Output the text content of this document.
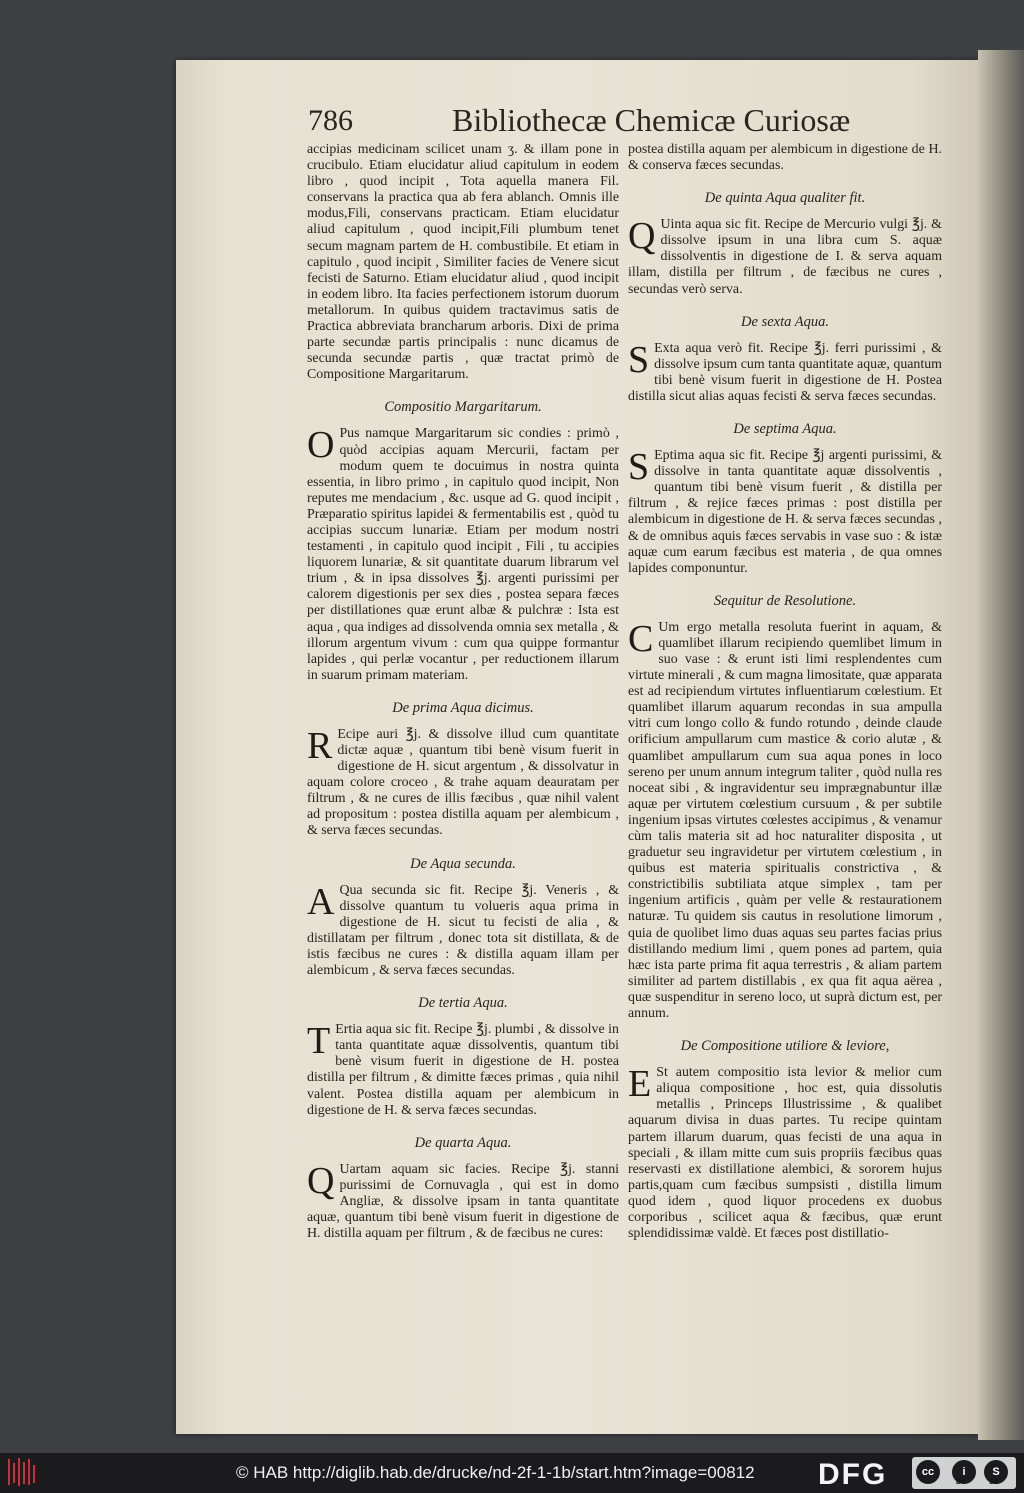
786	Bibliothecæ Chemicæ Curiosæ

accipias medicinam scilicet unam ʒ. & illam pone in crucibulo. Etiam elucidatur aliud capitulum in eodem libro , quod incipit , Tota aquella manera Fil. conservans la practica qua ab fera ablanch. Omnis ille modus,Fili, conservans practicam. Etiam elucidatur aliud capitulum , quod incipit,Fili plumbum tenet secum magnam partem de H. combustibile. Et etiam in capitulo , quod incipit , Similiter facies de Venere sicut fecisti de Saturno. Etiam elucidatur aliud , quod incipit in eodem libro. Ita facies perfectionem istorum duorum metallorum. In quibus quidem tractavimus satis de Practica abbreviata brancharum arboris. Dixi de prima parte secundæ partis principalis : nunc dicamus de secunda secundæ partis , quæ tractat primò de Compositione Margaritarum.

Compositio Margaritarum.

O Pus namque Margaritarum sic condies : primò , quòd accipias aquam Mercurii, factam per modum quem te docuimus in nostra quinta essentia, in libro primo , in capitulo quod incipit, Non reputes me mendacium , &c. usque ad G. quod incipit , Præparatio spiritus lapidei & fermentabilis est , quòd tu accipias succum lunariæ. Etiam per modum nostri testamenti , in capitulo quod incipit , Fili , tu accipies liquorem lunariæ, & sit quantitate duarum librarum vel trium , & in ipsa dissolves ℥j. argenti purissimi per calorem digestionis per sex dies , postea separa fæces per distillationes quæ erunt albæ & pulchræ : Ista est aqua , qua indiges ad dissolvenda omnia sex metalla , & illorum argentum vivum : cum qua quippe formantur lapides , qui perlæ vocantur , per reductionem illarum in suarum primam materiam.

De prima Aqua dicimus.

R Ecipe auri ℥j. & dissolve illud cum quantitate dictæ aquæ , quantum tibi benè visum fuerit in digestione de H. sicut argentum , & dissolvatur in aquam colore croceo , & trahe aquam deauratam per filtrum , & ne cures de illis fæcibus , quæ nihil valent ad propositum : postea distilla aquam per alembicum , & serva fæces secundas.

De Aqua secunda.

A Qua secunda sic fit. Recipe ℥j. Veneris , & dissolve quantum tu volueris aqua prima in digestione de H. sicut tu fecisti de alia , & distillatam per filtrum , donec tota sit distillata, & de istis fæcibus ne cures : & distilla aquam illam per alembicum , & serva fæces secundas.

De tertia Aqua.

T Ertia aqua sic fit. Recipe ℥j. plumbi , & dissolve in tanta quantitate aquæ dissolventis, quantum tibi benè visum fuerit in digestione de H. postea distilla per filtrum , & dimitte fæces primas , quia nihil valent. Postea distilla aquam per alembicum in digestione de H. & serva fæces secundas.

De quarta Aqua.

Q Uartam aquam sic facies. Recipe ℥j. stanni purissimi de Cornuvagla , qui est in domo Angliæ, & dissolve ipsam in tanta quantitate aquæ, quantum tibi benè visum fuerit in digestione de H. distilla aquam per filtrum , & de fæcibus ne cures:

postea distilla aquam per alembicum in digestione de H. & conserva fæces secundas.

De quinta Aqua qualiter fit.

Q Uinta aqua sic fit. Recipe de Mercurio vulgi ℥j. & dissolve ipsum in una libra cum S. aquæ dissolventis in digestione de I. & serva aquam illam, distilla per filtrum , de fæcibus ne cures , secundas verò serva.

De sexta Aqua.

S Exta aqua verò fit. Recipe ℥j. ferri purissimi , & dissolve ipsum cum tanta quantitate aquæ, quantum tibi benè visum fuerit in digestione de H. Postea distilla sicut alias aquas fecisti & serva fæces secundas.

De septima Aqua.

S Eptima aqua sic fit. Recipe ℥j argenti purissimi, & dissolve in tanta quantitate aquæ dissolventis , quantum tibi benè visum fuerit , & distilla per filtrum , & rejice fæces primas : post distilla per alembicum in digestione de H. & serva fæces secundas , & de omnibus aquis fæces servabis in vase suo : & istæ aquæ cum earum fæcibus est materia , de qua omnes lapides componuntur.

Sequitur de Resolutione.

C Um ergo metalla resoluta fuerint in aquam, & quamlibet illarum recipiendo quemlibet limum in suo vase : & erunt isti limi resplendentes cum virtute minerali , & cum magna limositate, quæ apparata est ad recipiendum virtutes influentiarum cœlestium. Et quamlibet illarum aquarum recondas in sua ampulla vitri cum longo collo & fundo rotundo , deinde claude orificium ampullarum cum mastice & corio alutæ , & quamlibet ampullarum cum sua aqua pones in loco sereno per unum annum integrum taliter , quòd nulla res noceat sibi , & ingravidentur seu imprægnabuntur illæ aquæ per virtutem cœlestium cursuum , & per subtile ingenium ipsas virtutes cœlestes accipimus , & venamur cùm talis materia sit ad hoc naturaliter disposita , ut graduetur seu ingravidetur per virtutem cœlestium , in quibus est materia spiritualis constrictiva , & constrictibilis subtiliata atque simplex , tam per ingenium artificis , quàm per velle & restaurationem naturæ. Tu quidem sis cautus in resolutione limorum , quia de quolibet limo duas aquas seu partes facias prius distillando medium limi , quem pones ad partem, quia hæc ista parte prima fit aqua terrestris , & aliam partem similiter ad partem distillabis , ex qua fit aqua aërea , quæ suspenditur in sereno loco, ut suprà dictum est, per annum.

De Compositione utiliore & leviore,

E St autem compositio ista levior & melior cum aliqua compositione , hoc est, quia dissolutis metallis , Princeps Illustrissime , & qualibet aquarum divisa in duas partes. Tu recipe quintam partem illarum duarum, quas fecisti de una aqua in speciali , & illam mitte cum suis propriis fæcibus quas reservasti ex distillatione alembici, & sororem hujus partis,quam cum fæcibus sumpsisti , distilla limum quod idem , quod liquor procedens ex duobus corporibus , scilicet aqua & fæcibus, quæ erunt splendidissimæ valdè. Et fæces post distillatio-

© HAB http://diglib.hab.de/drucke/nd-2f-1-1b/start.htm?image=00812 DFG	cc	i	S
BY	SA
